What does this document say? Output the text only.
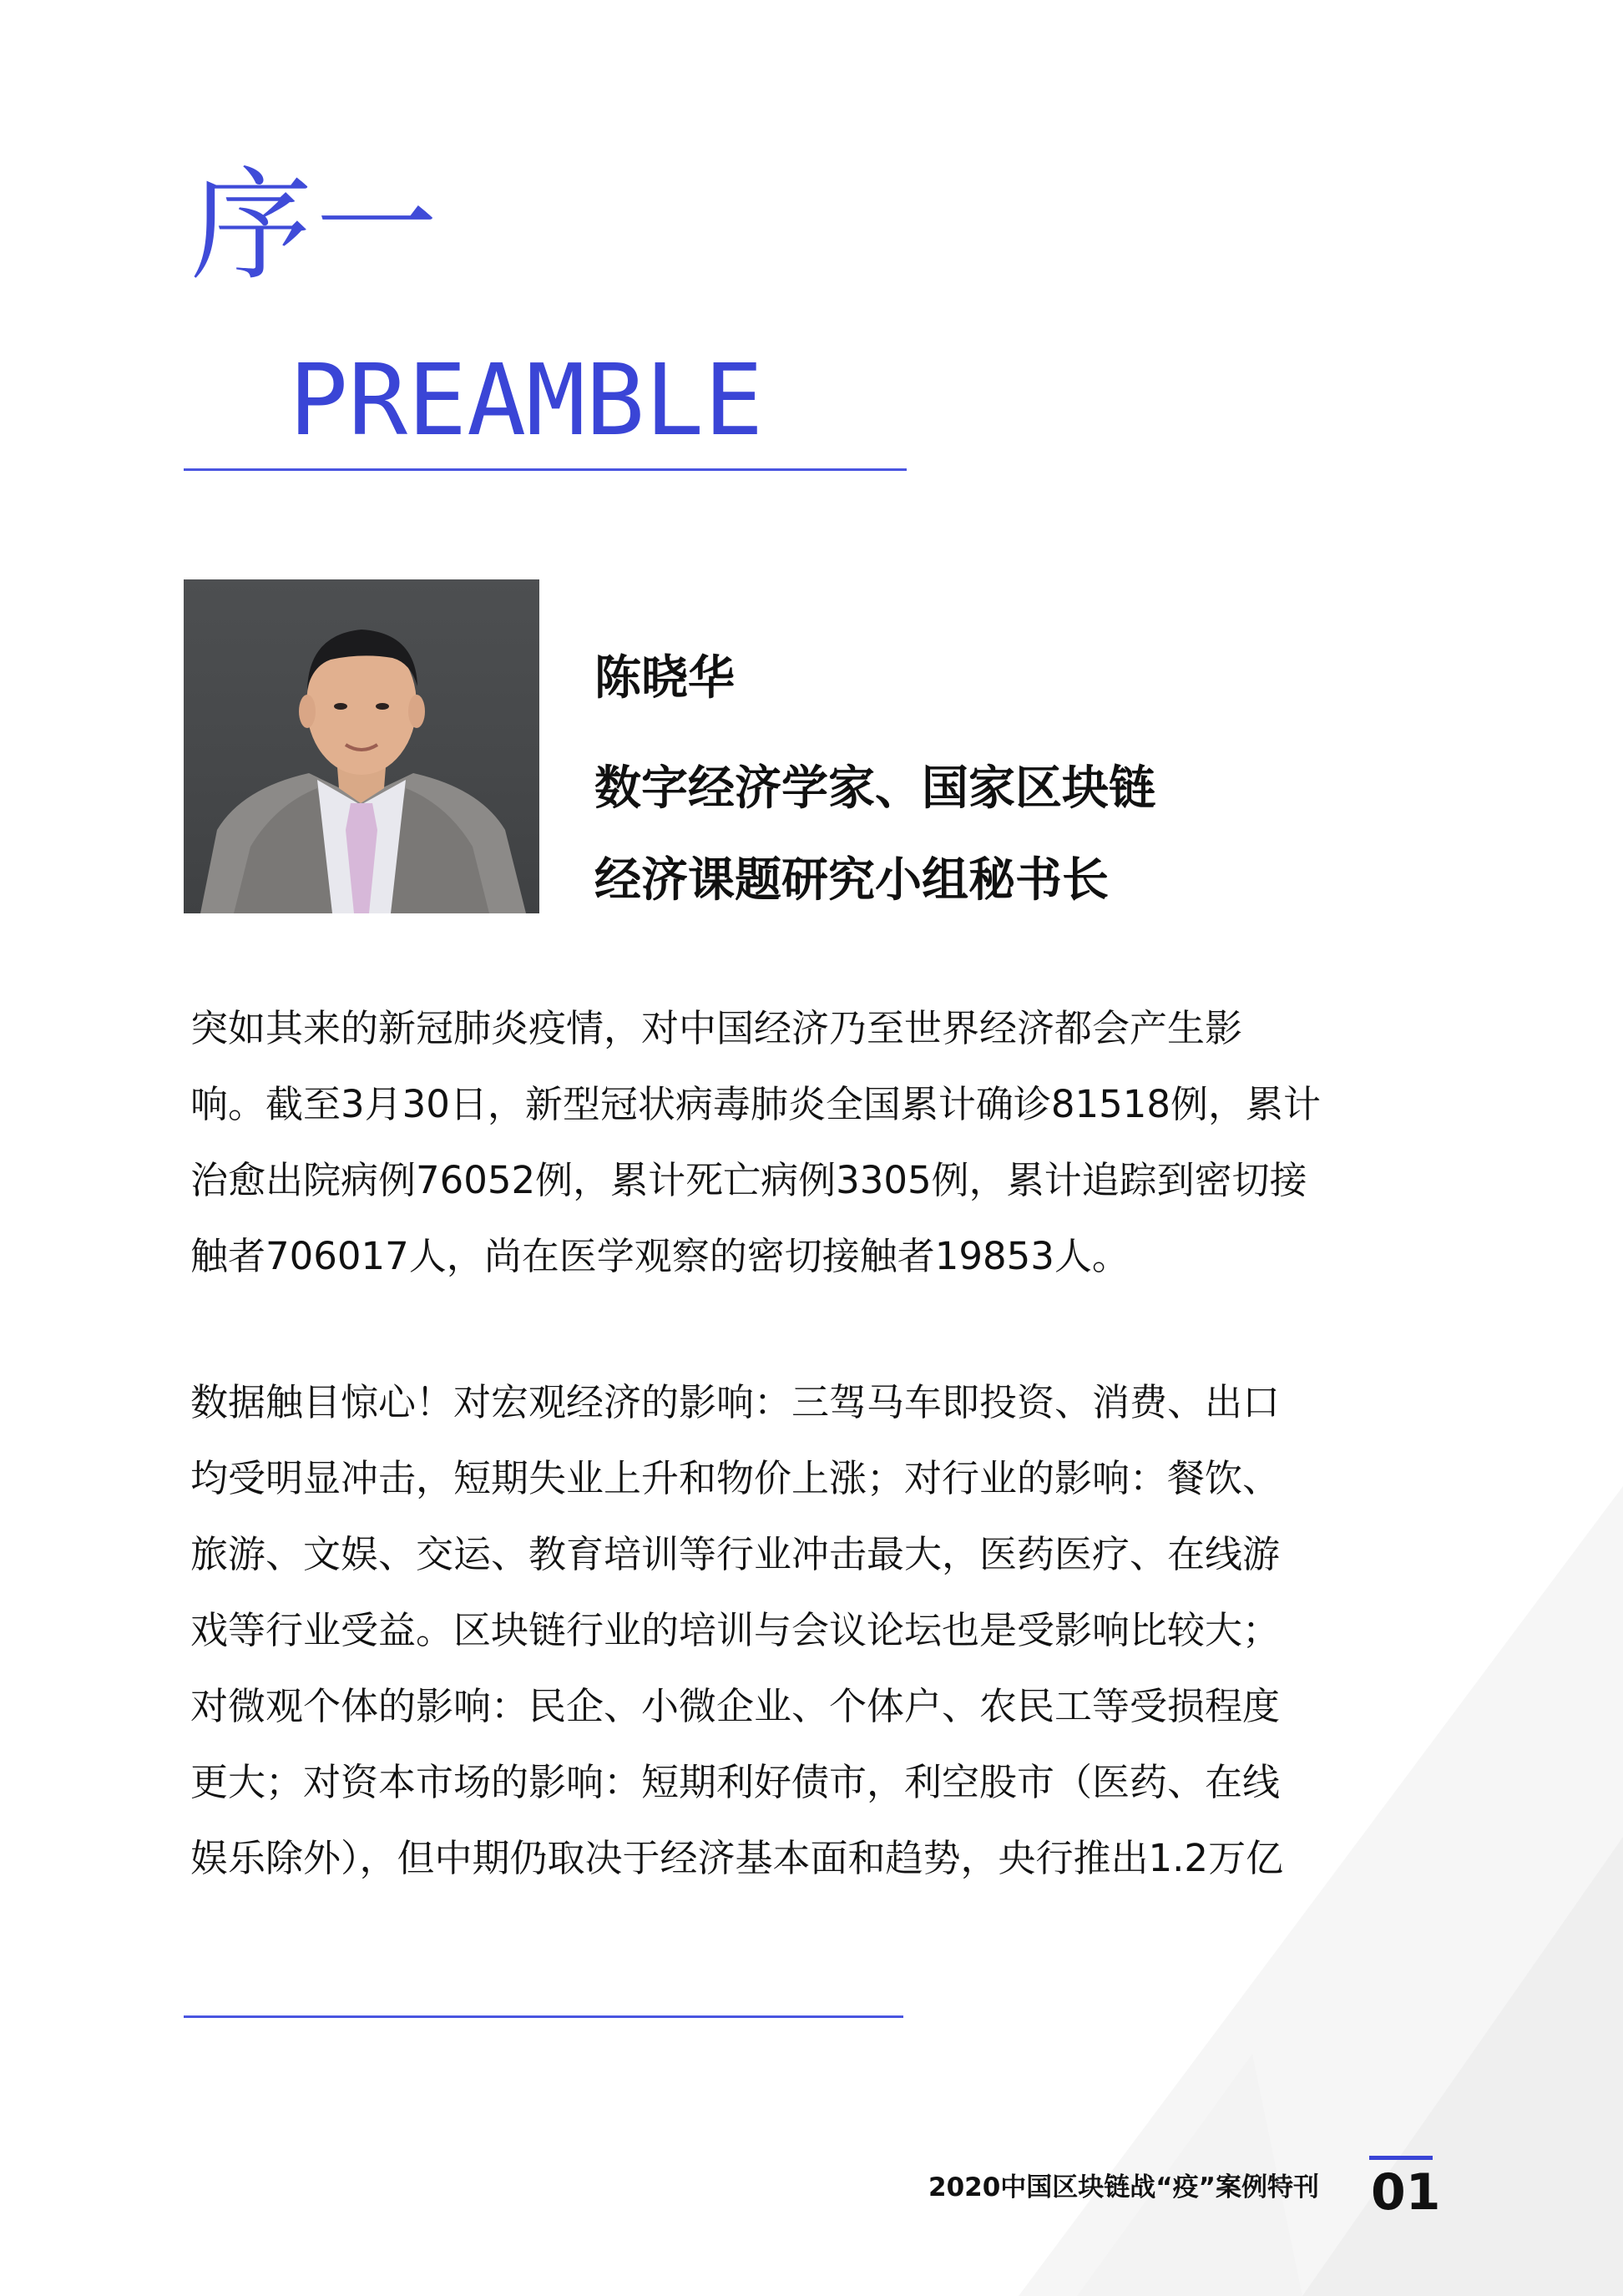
序一
PREAMBLE
陈晓华
数字经济学家、国家区块链
经济课题研究小组秘书长

突如其来的新冠肺炎疫情，对中国经济乃至世界经济都会产生影
响。截至3月30日，新型冠状病毒肺炎全国累计确诊81518例，累计
治愈出院病例76052例，累计死亡病例3305例，累计追踪到密切接
触者706017人，尚在医学观察的密切接触者19853人。

数据触目惊心！对宏观经济的影响：三驾马车即投资、消费、出口
均受明显冲击，短期失业上升和物价上涨；对行业的影响：餐饮、
旅游、文娱、交运、教育培训等行业冲击最大，医药医疗、在线游
戏等行业受益。区块链行业的培训与会议论坛也是受影响比较大；
对微观个体的影响：民企、小微企业、个体户、农民工等受损程度
更大；对资本市场的影响：短期利好债市，利空股市（医药、在线
娱乐除外），但中期仍取决于经济基本面和趋势，央行推出1.2万亿

2020中国区块链战“疫”案例特刊 01
